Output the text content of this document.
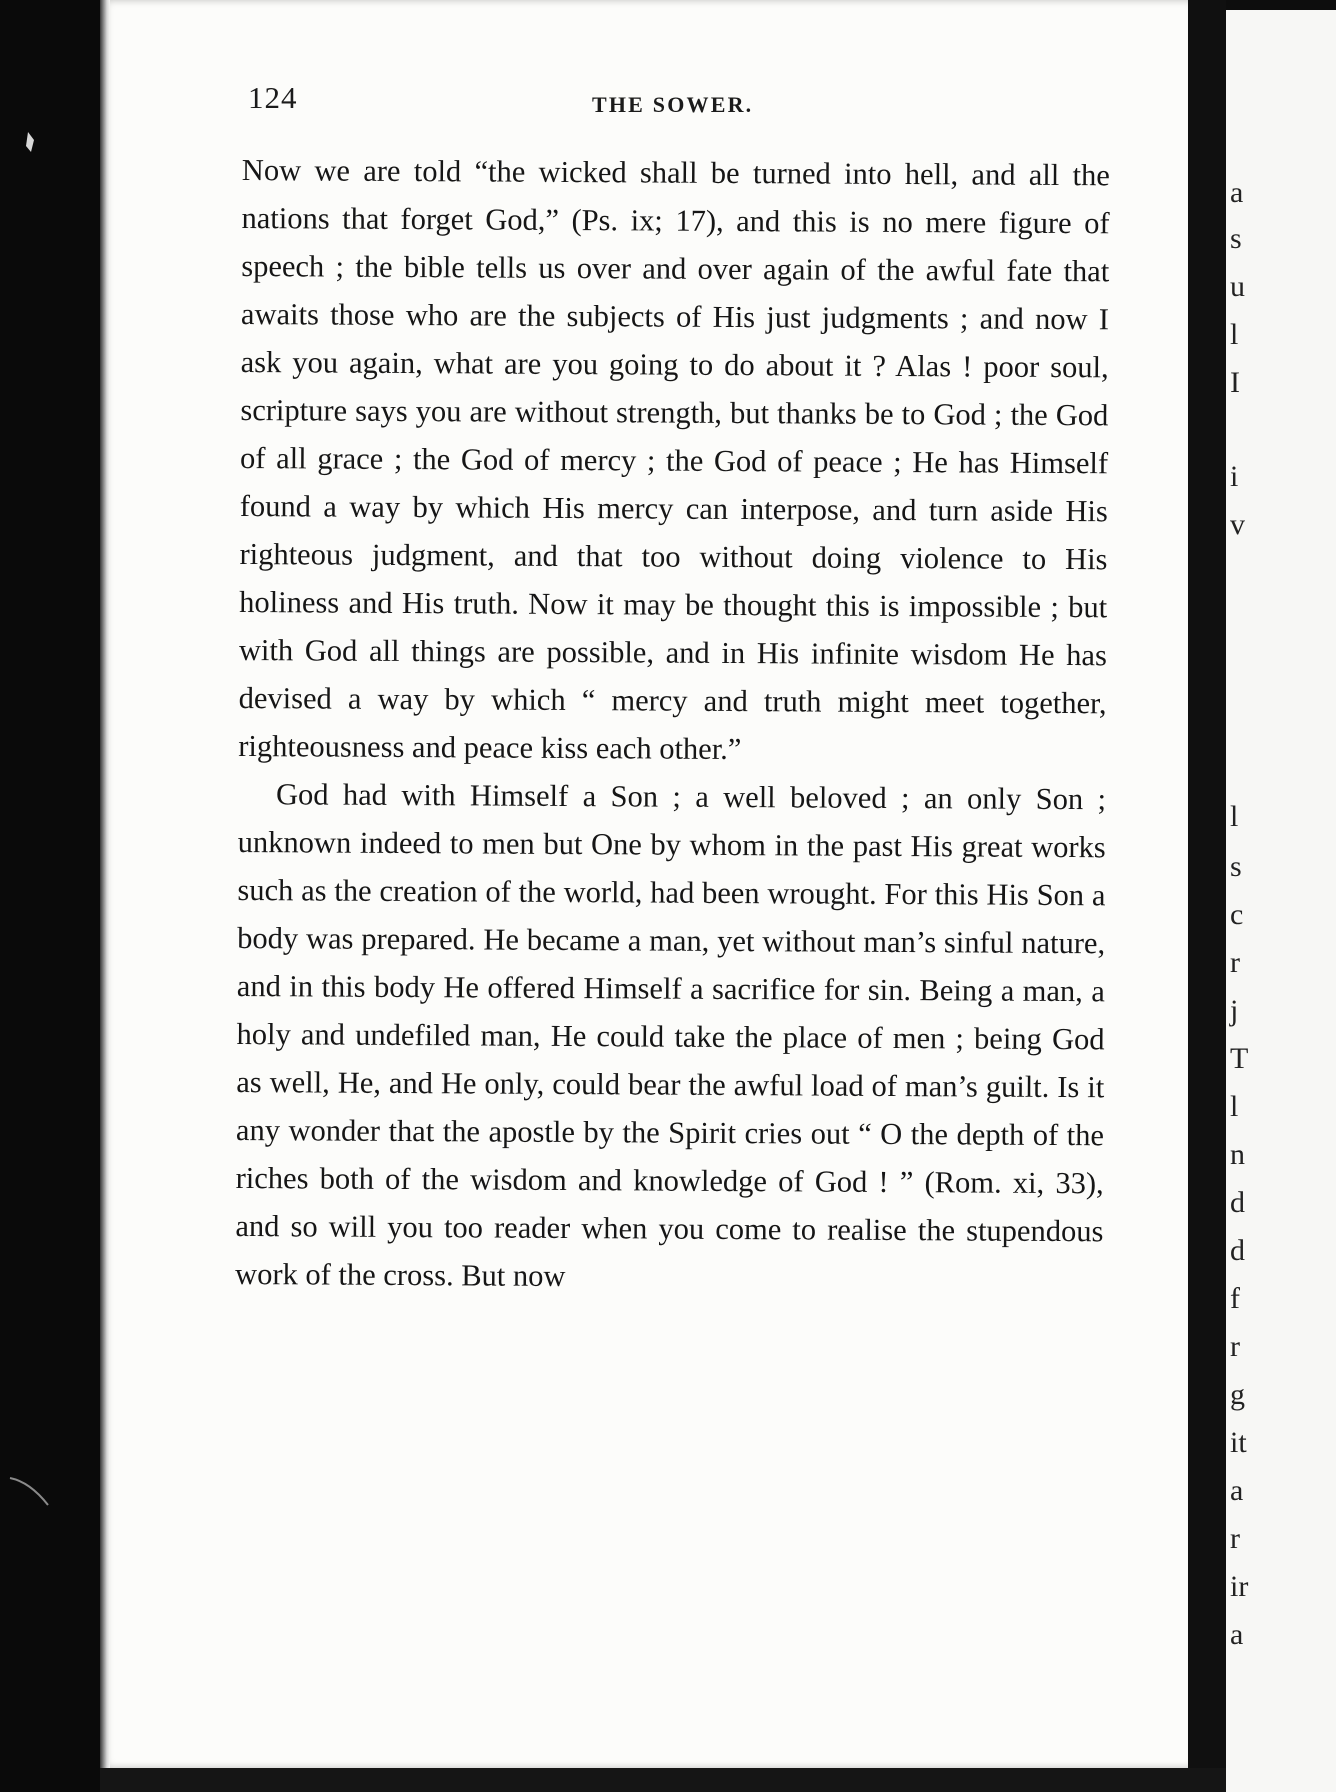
a
s
u
l
I
i
v
l
s
c
r
j
T
l
n
d
d
f
r
g
it
a
r
ir
a
124	THE SOWER.

Now we are told “the wicked shall be turned into hell, and all the nations that forget God,” (Ps. ix; 17), and this is no mere figure of speech ; the bible tells us over and over again of the awful fate that awaits those who are the subjects of His just judgments ; and now I ask you again, what are you going to do about it ? Alas ! poor soul, scripture says you are without strength, but thanks be to God ; the God of all grace ; the God of mercy ; the God of peace ; He has Himself found a way by which His mercy can interpose, and turn aside His righteous judgment, and that too without doing violence to His holiness and His truth. Now it may be thought this is impossible ; but with God all things are possible, and in His infinite wisdom He has devised a way by which “ mercy and truth might meet together, righteousness and peace kiss each other.”

God had with Himself a Son ; a well beloved ; an only Son ; unknown indeed to men but One by whom in the past His great works such as the creation of the world, had been wrought. For this His Son a body was prepared. He became a man, yet without man’s sinful nature, and in this body He offered Himself a sacrifice for sin. Being a man, a holy and undefiled man, He could take the place of men ; being God as well, He, and He only, could bear the awful load of man’s guilt. Is it any wonder that the apostle by the Spirit cries out “ O the depth of the riches both of the wisdom and knowledge of God ! ” (Rom. xi, 33), and so will you too reader when you come to realise the stupendous work of the cross. But now
